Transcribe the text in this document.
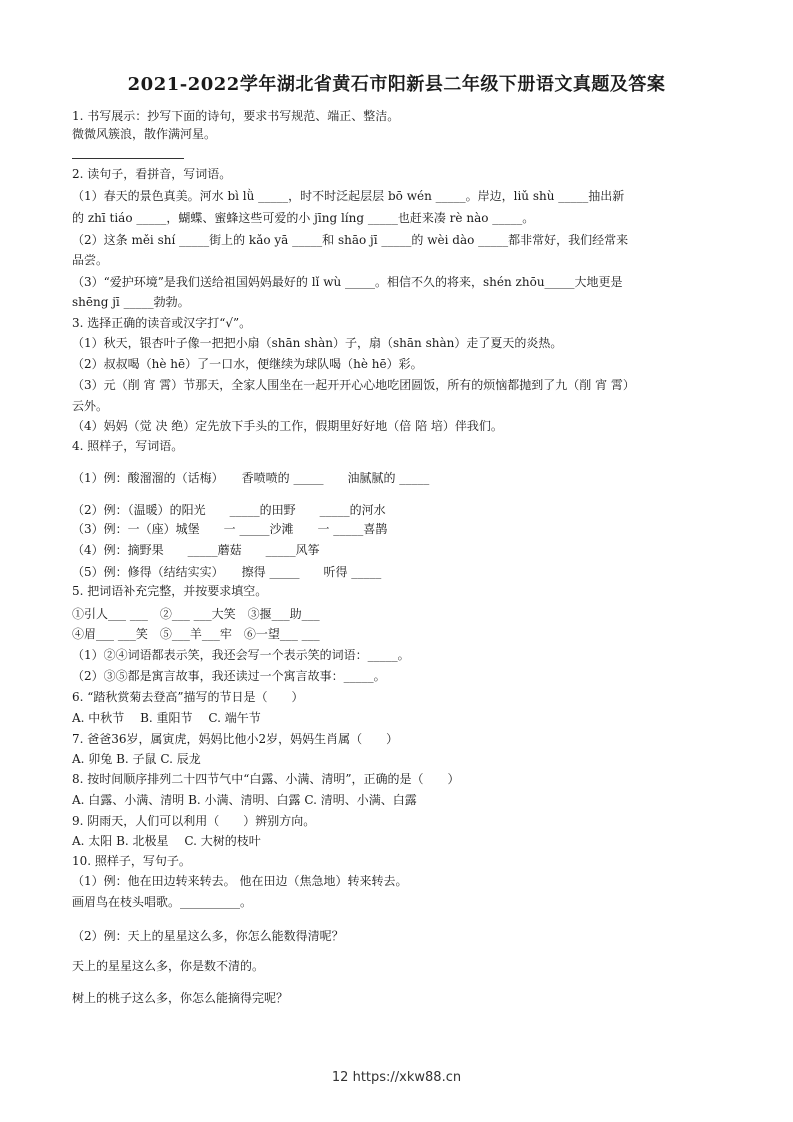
2021-2022学年湖北省黄石市阳新县二年级下册语文真题及答案
1. 书写展示：抄写下面的诗句，要求书写规范、端正、整洁。
微微风簇浪，散作满河星。
2. 读句子，看拼音，写词语。
（1）春天的景色真美。河水 bì lǜ _____，时不时泛起层层 bō wén _____。岸边，liǔ shù _____抽出新
的 zhī tiáo _____，蝴蝶、蜜蜂这些可爱的小 jīng líng _____也赶来凑 rè nào _____。
（2）这条 měi shí _____街上的 kǎo yā _____和 shāo jī _____的 wèi dào _____都非常好，我们经常来
品尝。
（3）“爱护环境”是我们送给祖国妈妈最好的 lǐ wù _____。相信不久的将来，shén zhōu_____大地更是
shēng jī _____勃勃。
3. 选择正确的读音或汉字打“√”。
（1）秋天，银杏叶子像一把把小扇（shān shàn）子，扇（shān shàn）走了夏天的炎热。
（2）叔叔喝（hè hē）了一口水，便继续为球队喝（hè hē）彩。
（3）元（削 宵 霄）节那天，全家人围坐在一起开开心心地吃团圆饭，所有的烦恼都抛到了九（削 宵 霄）
云外。
（4）妈妈（觉 决 绝）定先放下手头的工作，假期里好好地（倍 陪 培）伴我们。
4. 照样子，写词语。
（1）例：酸溜溜的（话梅）　　香喷喷的 _____　　油腻腻的 _____
（2）例：（温暖）的阳光　　_____的田野　　_____的河水
（3）例：一（座）城堡　　一 _____沙滩　　一 _____喜鹊
（4）例：摘野果　　_____蘑菇　　_____风筝
（5）例：修得（结结实实）　　擦得 _____　　听得 _____
5. 把词语补充完整，并按要求填空。
①引人___ ___　②___ ___大笑　③揠___助___
④眉___ ___笑　⑤___羊___牢　⑥一望___ ___
（1）②④词语都表示笑，我还会写一个表示笑的词语：_____。
（2）③⑤都是寓言故事，我还读过一个寓言故事：_____。
6. “踏秋赏菊去登高”描写的节日是（　　）
A. 中秋节　 B. 重阳节　 C. 端午节
7. 爸爸36岁，属寅虎，妈妈比他小2岁，妈妈生肖属（　　）
A. 卯兔 B. 子鼠 C. 辰龙
8. 按时间顺序排列二十四节气中“白露、小满、清明”，正确的是（　　）
A. 白露、小满、清明 B. 小满、清明、白露 C. 清明、小满、白露
9. 阴雨天，人们可以利用（　　）辨别方向。
A. 太阳 B. 北极星　 C. 大树的枝叶
10. 照样子，写句子。
（1）例：他在田边转来转去。 他在田边（焦急地）转来转去。
画眉鸟在枝头唱歌。__________。
（2）例：天上的星星这么多，你怎么能数得清呢？
天上的星星这么多，你是数不清的。
树上的桃子这么多，你怎么能摘得完呢？
12 https://xkw88.cn
